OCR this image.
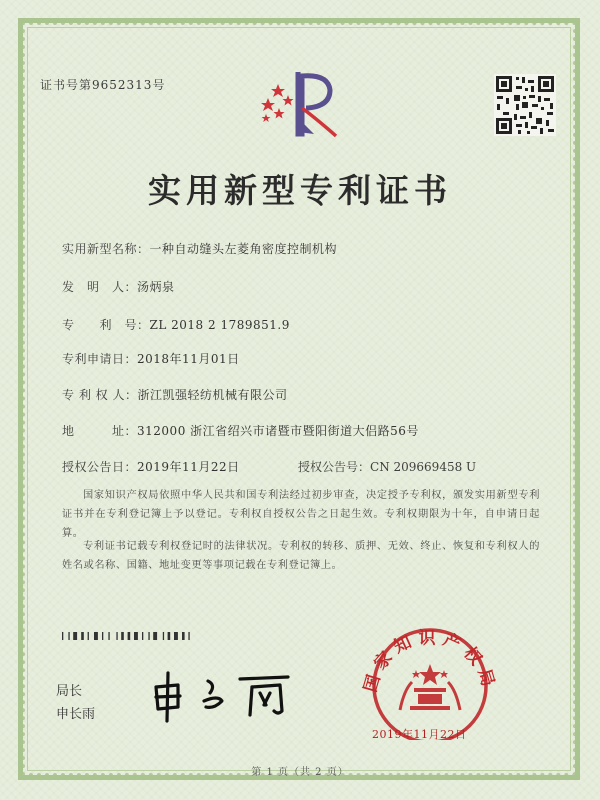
证书号第9652313号
实用新型专利证书
实用新型名称：一种自动缝头左菱角密度控制机构
发　明　人：汤炳泉
专　　利　号：ZL 2018 2 1789851.9
专利申请日：2018年11月01日
专 利 权 人：浙江凯强轻纺机械有限公司
地　　　址：312000 浙江省绍兴市诸暨市暨阳街道大侣路56号
授权公告日：2019年11月22日	授权公告号：CN 209669458 U
国家知识产权局依照中华人民共和国专利法经过初步审查，决定授予专利权，颁发实用新型专利证书并在专利登记簿上予以登记。专利权自授权公告之日起生效。专利权期限为十年，自申请日起算。
专利证书记载专利权登记时的法律状况。专利权的转移、质押、无效、终止、恢复和专利权人的姓名或名称、国籍、地址变更等事项记载在专利登记簿上。
局长
申长雨
国家知识产权局
2019年11月22日
第 1 页（共 2 页）
